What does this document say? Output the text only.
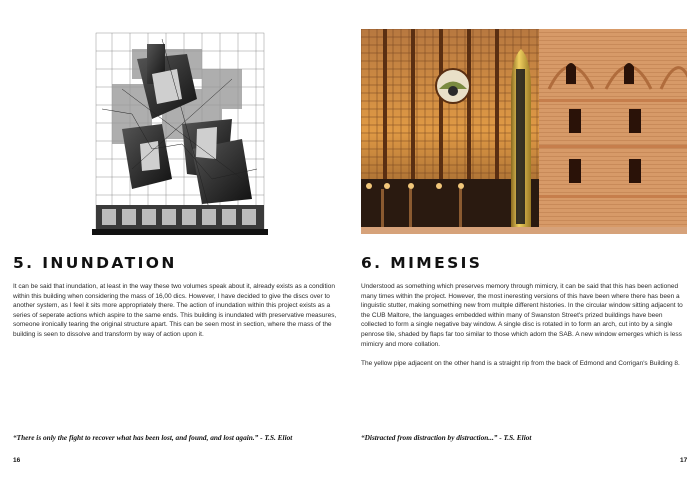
5. INUNDATION

It can be said that inundation, at least in the way these two volumes speak about it, already exists as a condition within this building when considering the mass of 16,00 dics. However, I have decided to give the discs over to another system, as I feel it sits more appropriately there. The action of inundation within this project exists as a series of seperate actions which aspire to the same ends. This building is inundated with preservative measures, someone ironically tearing the original structure apart. This can be seen most in section, where the mass of the building is seen to dissolve and transform by way of action upon it.

“There is only the fight to recover what has been lost, and found, and lost again.” - T.S. Eliot
16
6. MIMESIS

Understood as something which preserves memory through mimicry, it can be said that this has been actioned many times within the project. However, the most ineresting versions of this have been where there has been a linguistic stutter, making something new from multple different histories. In the circular window sitting adjacent to the CUB Maltore, the languages embedded within many of Swanston Street's prized buildings have been collected to form a single negative bay window. A single disc is rotated in to form an arch, cut into by a single penrose tile, shaded by flaps far too similar to those which adorn the SAB. A new window emerges which is less mimicry and more collation.

The yellow pipe adjacent on the other hand is a straight rip from the back of Edmond and Corrigan's Building 8.

“Distracted from distraction by distraction...” - T.S. Eliot
17
